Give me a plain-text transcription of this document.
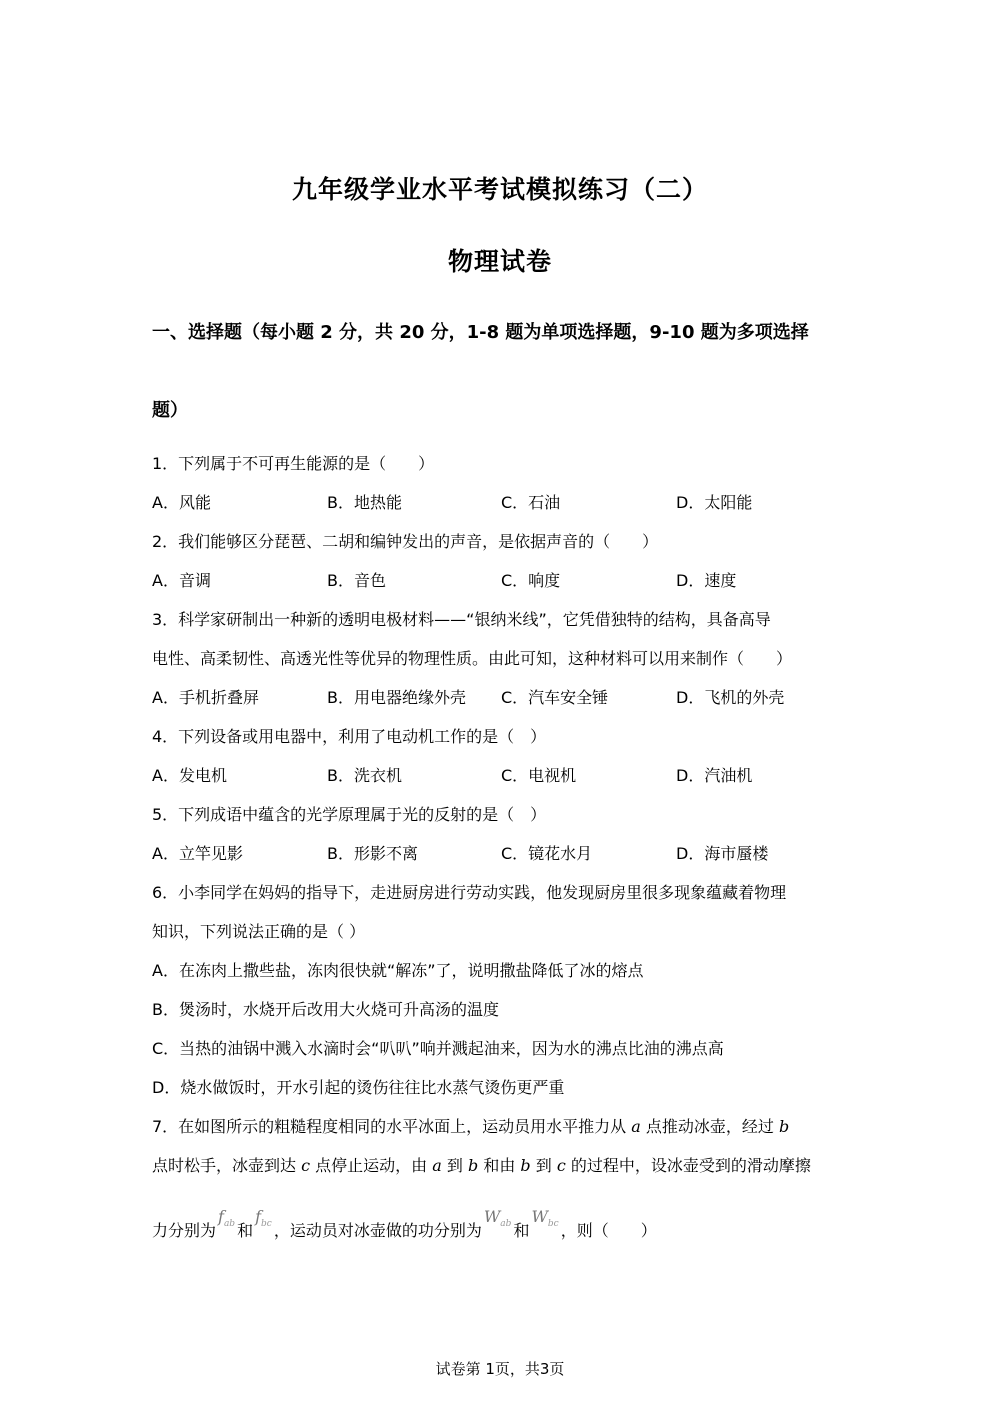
九年级学业水平考试模拟练习（二）
物理试卷
一、选择题（每小题 2 分，共 20 分，1-8 题为单项选择题，9-10 题为多项选择
题）
1．下列属于不可再生能源的是（　　）
A．风能	B．地热能	C．石油	D．太阳能
2．我们能够区分琵琶、二胡和编钟发出的声音，是依据声音的（　　）
A．音调	B．音色	C．响度	D．速度
3．科学家研制出一种新的透明电极材料——“银纳米线”，它凭借独特的结构，具备高导
电性、高柔韧性、高透光性等优异的物理性质。由此可知，这种材料可以用来制作（　　）
A．手机折叠屏	B．用电器绝缘外壳 C．汽车安全锤	D．飞机的外壳
4．下列设备或用电器中，利用了电动机工作的是（　）
A．发电机	B．洗衣机	C．电视机	D．汽油机
5．下列成语中蕴含的光学原理属于光的反射的是（　）
A．立竿见影	B．形影不离	C．镜花水月	D．海市蜃楼
6．小李同学在妈妈的指导下，走进厨房进行劳动实践，他发现厨房里很多现象蕴藏着物理
知识，下列说法正确的是（ ）
A．在冻肉上撒些盐，冻肉很快就“解冻”了，说明撒盐降低了冰的熔点
B．煲汤时，水烧开后改用大火烧可升高汤的温度
C．当热的油锅中溅入水滴时会“叭叭”响并溅起油来，因为水的沸点比油的沸点高
D．烧水做饭时，开水引起的烫伤往往比水蒸气烫伤更严重
7．在如图所示的粗糙程度相同的水平冰面上，运动员用水平推力从 a 点推动冰壶，经过 b
点时松手，冰壶到达 c 点停止运动，由 a 到 b 和由 b 到 c 的过程中，设冰壶受到的滑动摩擦
力分别为$f_{ab}$ 和$f_{bc}$ ，运动员对冰壶做的功分别为$W_{ab}$ 和$W_{bc}$ ，则（　　）
试卷第 1页，共3页
